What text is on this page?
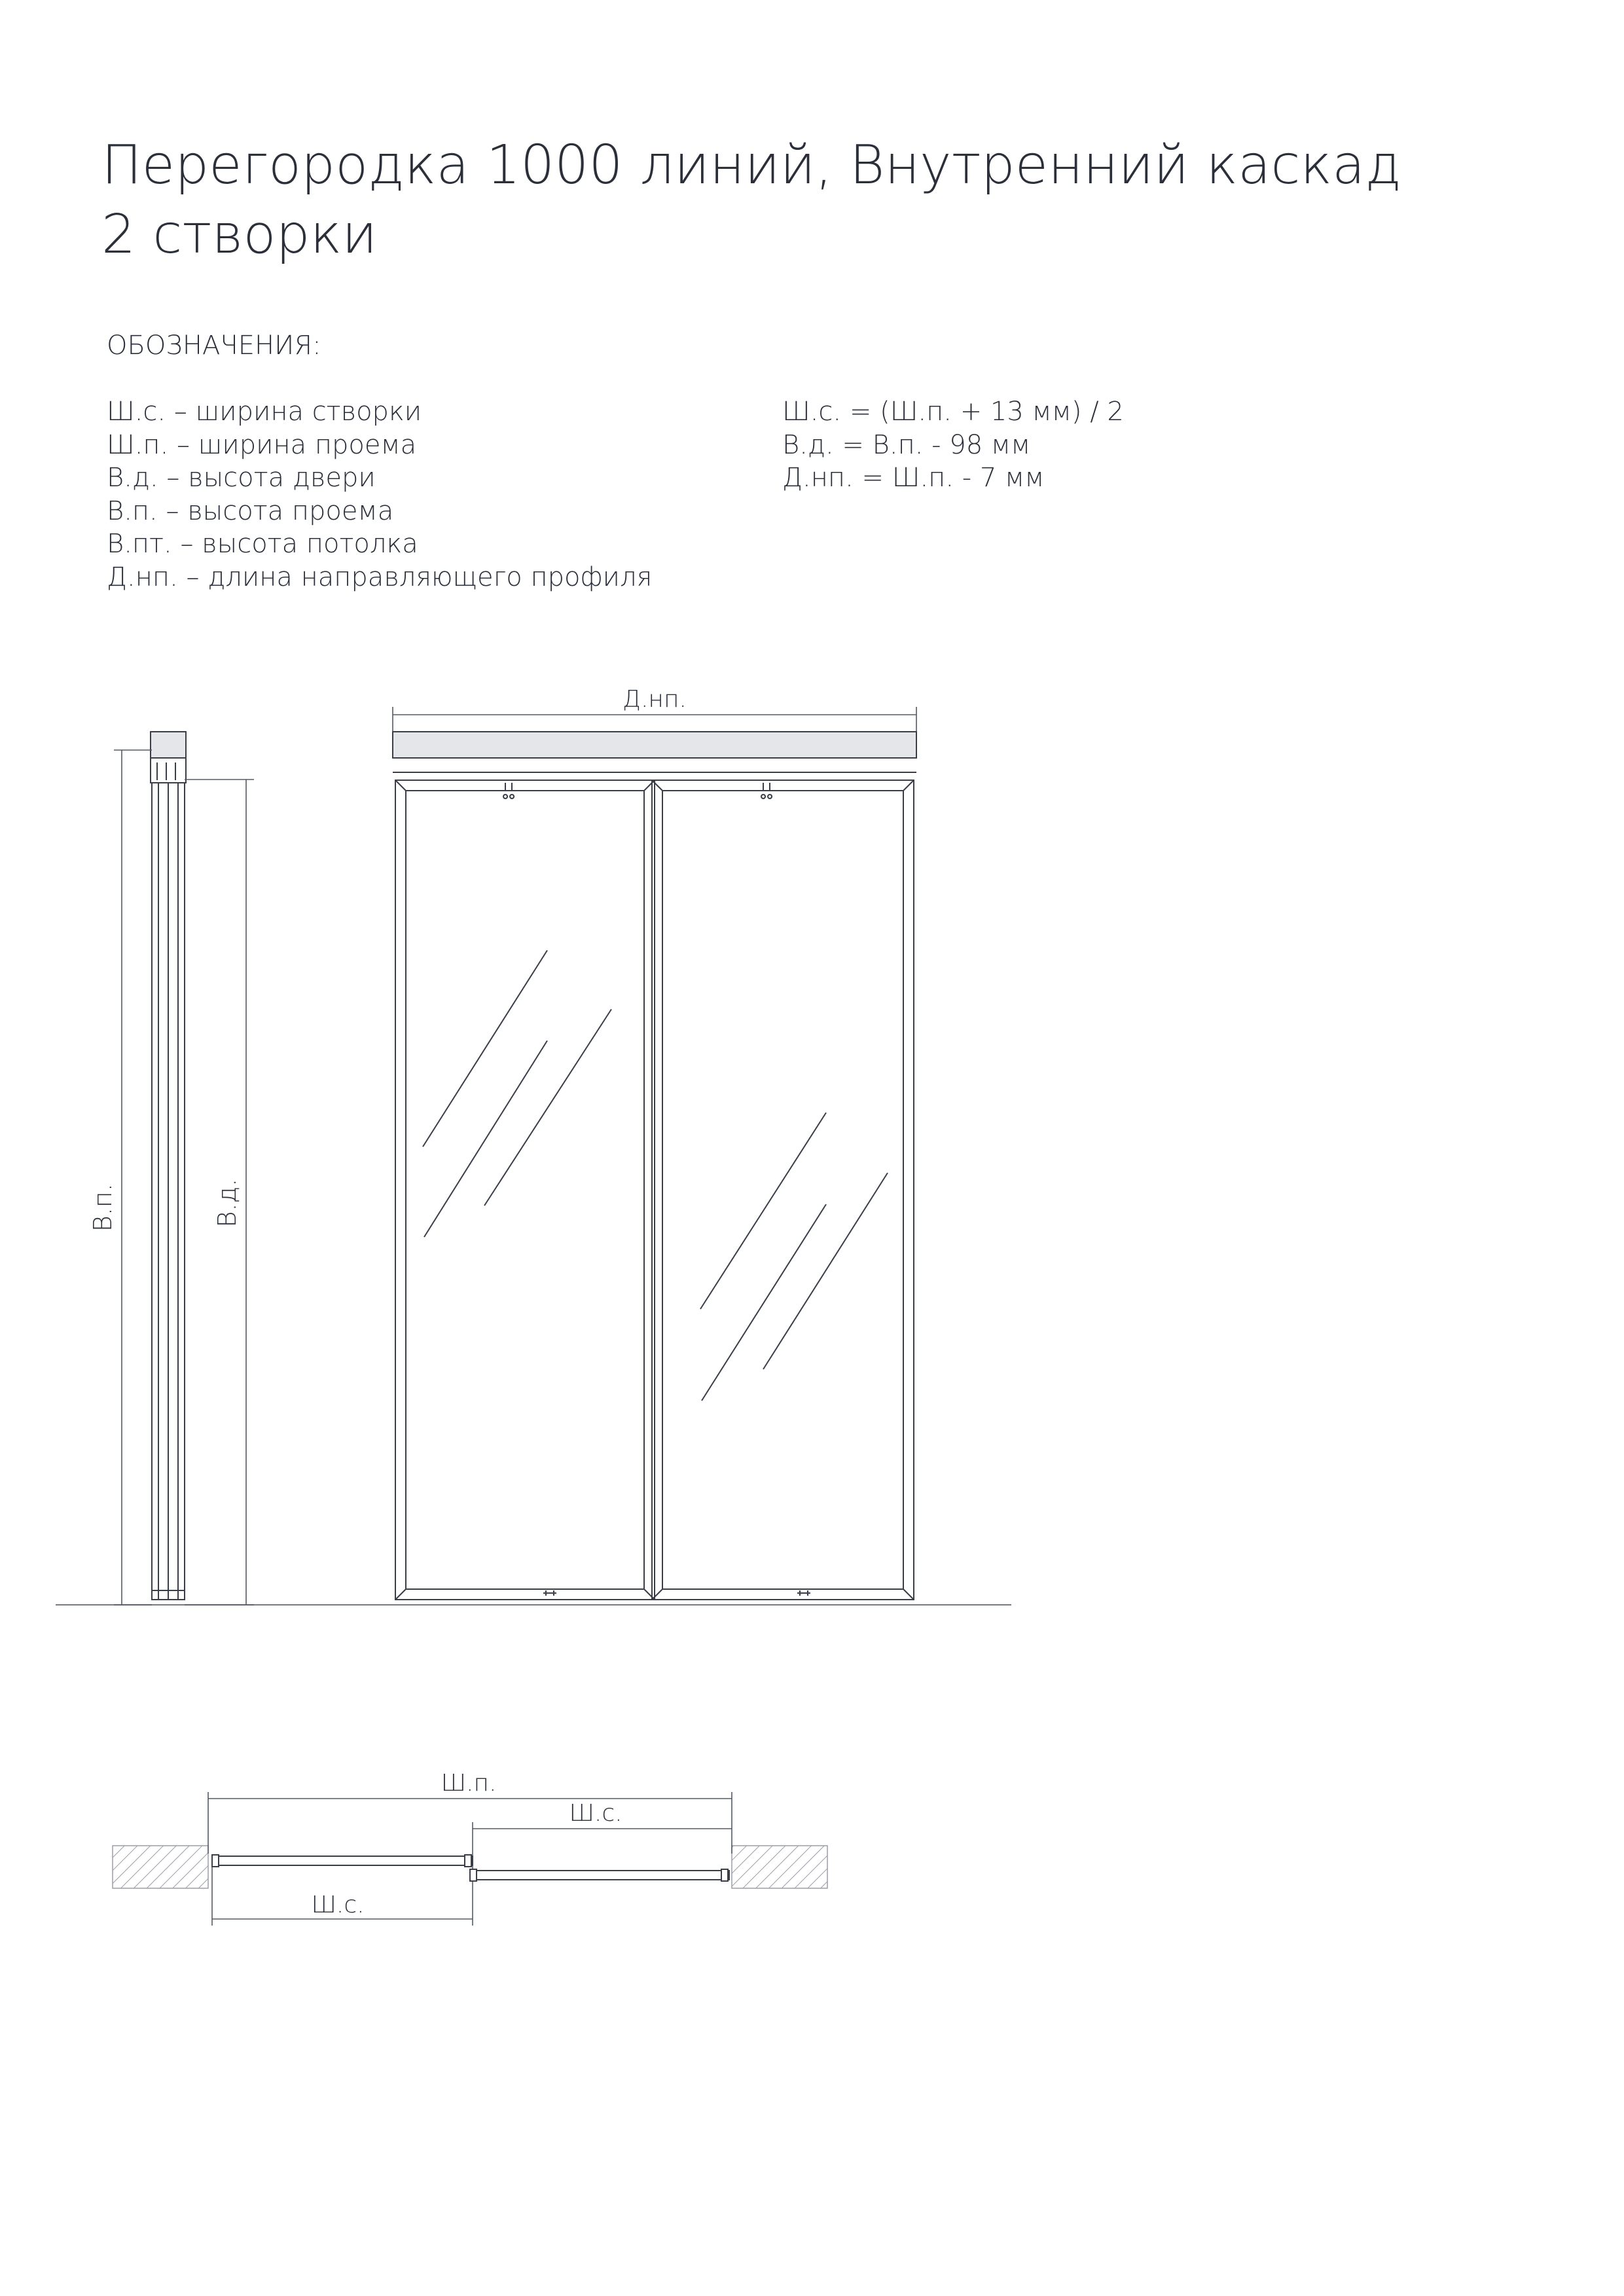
Перегородка 1000 линий, Внутренний каскад
2 створки
ОБОЗНАЧЕНИЯ:
Ш.с. – ширина створки
Ш.п. – ширина проема
В.д. – высота двери
В.п. – высота проема
В.пт. – высота потолка
Д.нп. – длина направляющего профиля
Ш.с. = (Ш.п. + 13 мм) / 2
В.д. = В.п. - 98 мм
Д.нп. = Ш.п. - 7 мм
В.п.	В.д.
Д.нп.
Ш.п.
Ш.с.
Ш.с.
